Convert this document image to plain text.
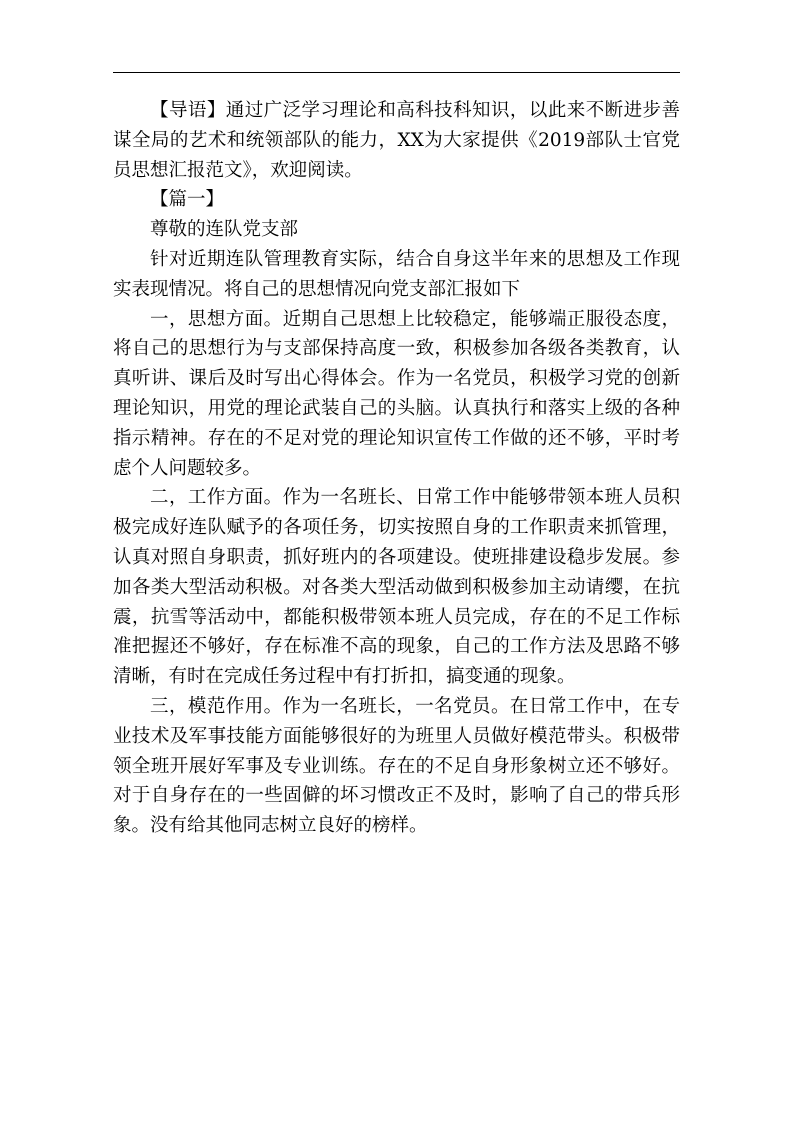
【导语】通过广泛学习理论和高科技科知识，以此来不断进步善谋全局的艺术和统领部队的能力，XX为大家提供《2019部队士官党员思想汇报范文》，欢迎阅读。

【篇一】

尊敬的连队党支部

针对近期连队管理教育实际，结合自身这半年来的思想及工作现实表现情况。将自己的思想情况向党支部汇报如下

一，思想方面。近期自己思想上比较稳定，能够端正服役态度，将自己的思想行为与支部保持高度一致，积极参加各级各类教育，认真听讲、课后及时写出心得体会。作为一名党员，积极学习党的创新理论知识，用党的理论武装自己的头脑。认真执行和落实上级的各种指示精神。存在的不足对党的理论知识宣传工作做的还不够，平时考虑个人问题较多。

二，工作方面。作为一名班长、日常工作中能够带领本班人员积极完成好连队赋予的各项任务，切实按照自身的工作职责来抓管理，认真对照自身职责，抓好班内的各项建设。使班排建设稳步发展。参加各类大型活动积极。对各类大型活动做到积极参加主动请缨，在抗震，抗雪等活动中，都能积极带领本班人员完成，存在的不足工作标准把握还不够好，存在标准不高的现象，自己的工作方法及思路不够清晰，有时在完成任务过程中有打折扣，搞变通的现象。

三，模范作用。作为一名班长，一名党员。在日常工作中，在专业技术及军事技能方面能够很好的为班里人员做好模范带头。积极带领全班开展好军事及专业训练。存在的不足自身形象树立还不够好。对于自身存在的一些固僻的坏习惯改正不及时，影响了自己的带兵形象。没有给其他同志树立良好的榜样。
